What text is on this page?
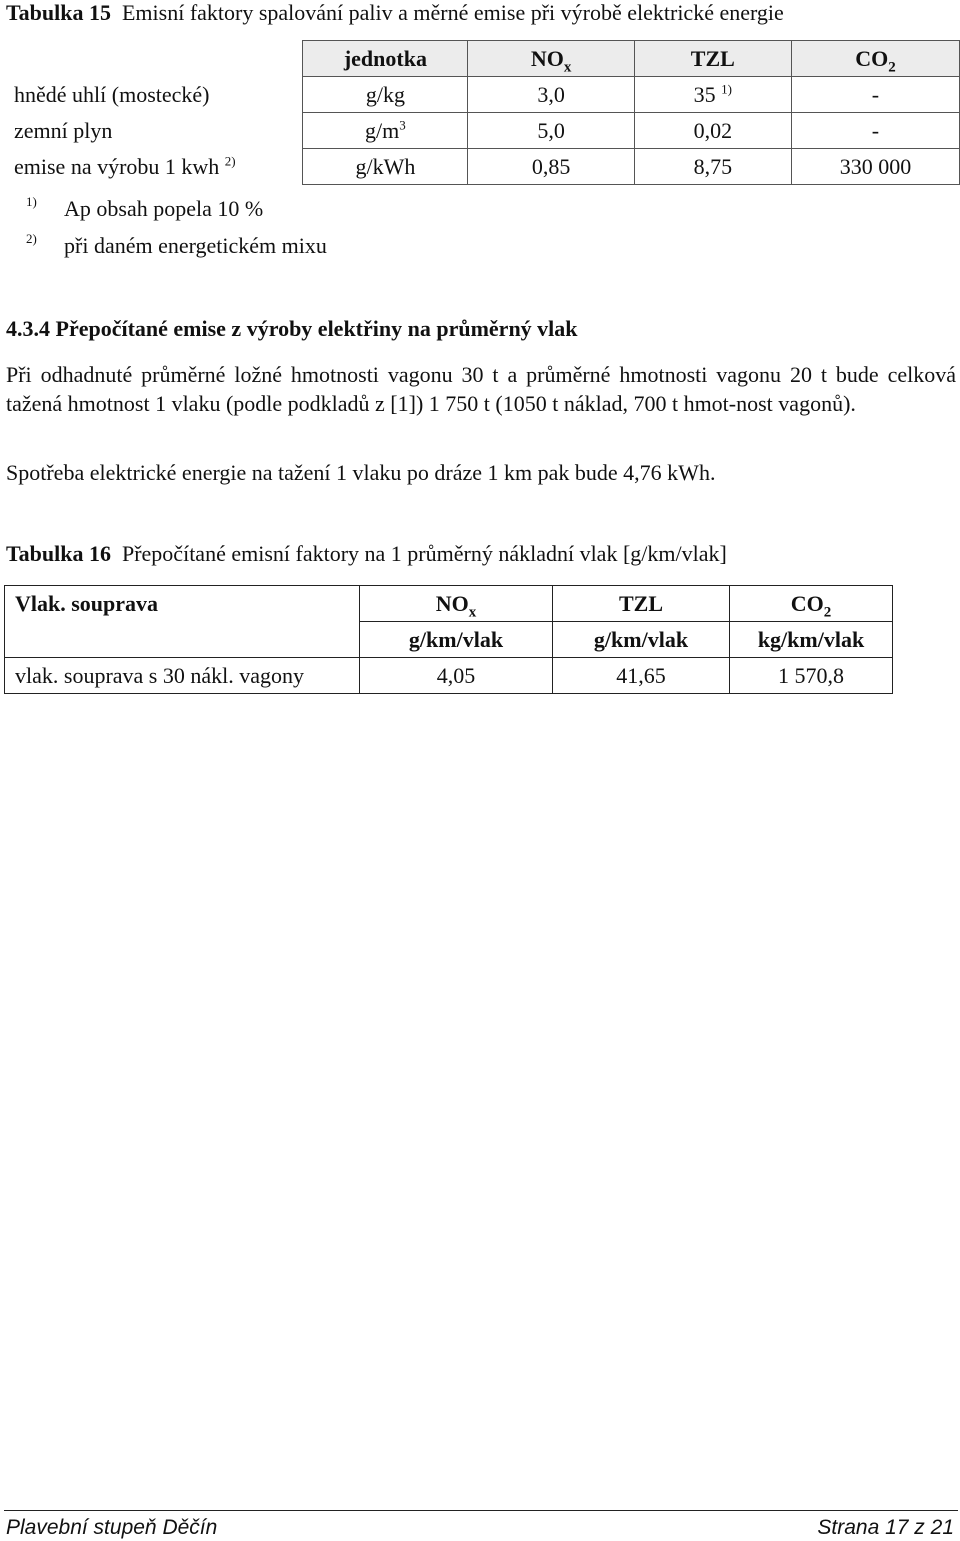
Tabulka 15 Emisní faktory spalování paliv a měrné emise při výrobě elektrické energie
	jednotka	$NO_x$	TZL	$CO_2$
hnědé uhlí (mostecké)	g/kg	3,0	35 $^{1)}$	-
zemní plyn	$g/m^3$	5,0	0,02	-
emise na výrobu 1 kwh $^{2)}$	g/kWh	0,85	8,75	330 000
1) Ap obsah popela 10 %
2) při daném energetickém mixu
4.3.4 Přepočítané emise z výroby elektřiny na průměrný vlak
Při odhadnuté průměrné ložné hmotnosti vagonu 30 t a průměrné hmotnosti vagonu 20 t bude celková tažená hmotnost 1 vlaku (podle podkladů z [1]) 1 750 t (1050 t náklad, 700 t hmot-nost vagonů).
Spotřeba elektrické energie na tažení 1 vlaku po dráze 1 km pak bude 4,76 kWh.
Tabulka 16 Přepočítané emisní faktory na 1 průměrný nákladní vlak [g/km/vlak]
Vlak. souprava	$NO_x$	TZL	$CO_2$
	g/km/vlak	g/km/vlak	kg/km/vlak
vlak. souprava s 30 nákl. vagony	4,05	41,65	1 570,8
Plavební stupeň Děčín	Strana 17 z 21
